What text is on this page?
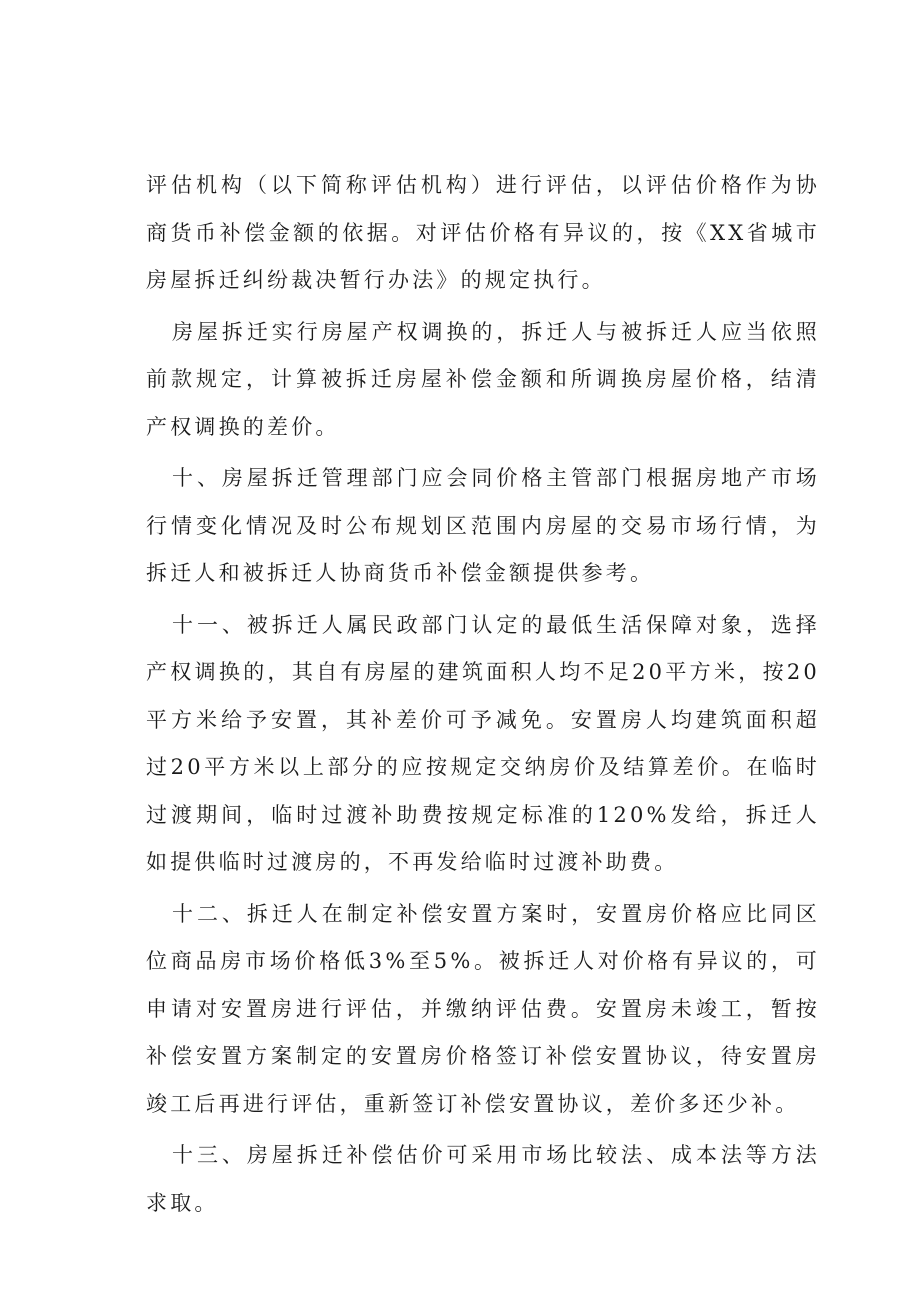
评估机构（以下简称评估机构）进行评估，以评估价格作为协商货币补偿金额的依据。对评估价格有异议的，按《XX省城市房屋拆迁纠纷裁决暂行办法》的规定执行。

房屋拆迁实行房屋产权调换的，拆迁人与被拆迁人应当依照前款规定，计算被拆迁房屋补偿金额和所调换房屋价格，结清产权调换的差价。

十、房屋拆迁管理部门应会同价格主管部门根据房地产市场行情变化情况及时公布规划区范围内房屋的交易市场行情，为拆迁人和被拆迁人协商货币补偿金额提供参考。

十一、被拆迁人属民政部门认定的最低生活保障对象，选择产权调换的，其自有房屋的建筑面积人均不足20平方米，按20平方米给予安置，其补差价可予减免。安置房人均建筑面积超过20平方米以上部分的应按规定交纳房价及结算差价。在临时过渡期间，临时过渡补助费按规定标准的120%发给，拆迁人如提供临时过渡房的，不再发给临时过渡补助费。

十二、拆迁人在制定补偿安置方案时，安置房价格应比同区位商品房市场价格低3%至5%。被拆迁人对价格有异议的，可申请对安置房进行评估，并缴纳评估费。安置房未竣工，暂按补偿安置方案制定的安置房价格签订补偿安置协议，待安置房竣工后再进行评估，重新签订补偿安置协议，差价多还少补。

十三、房屋拆迁补偿估价可采用市场比较法、成本法等方法求取。
